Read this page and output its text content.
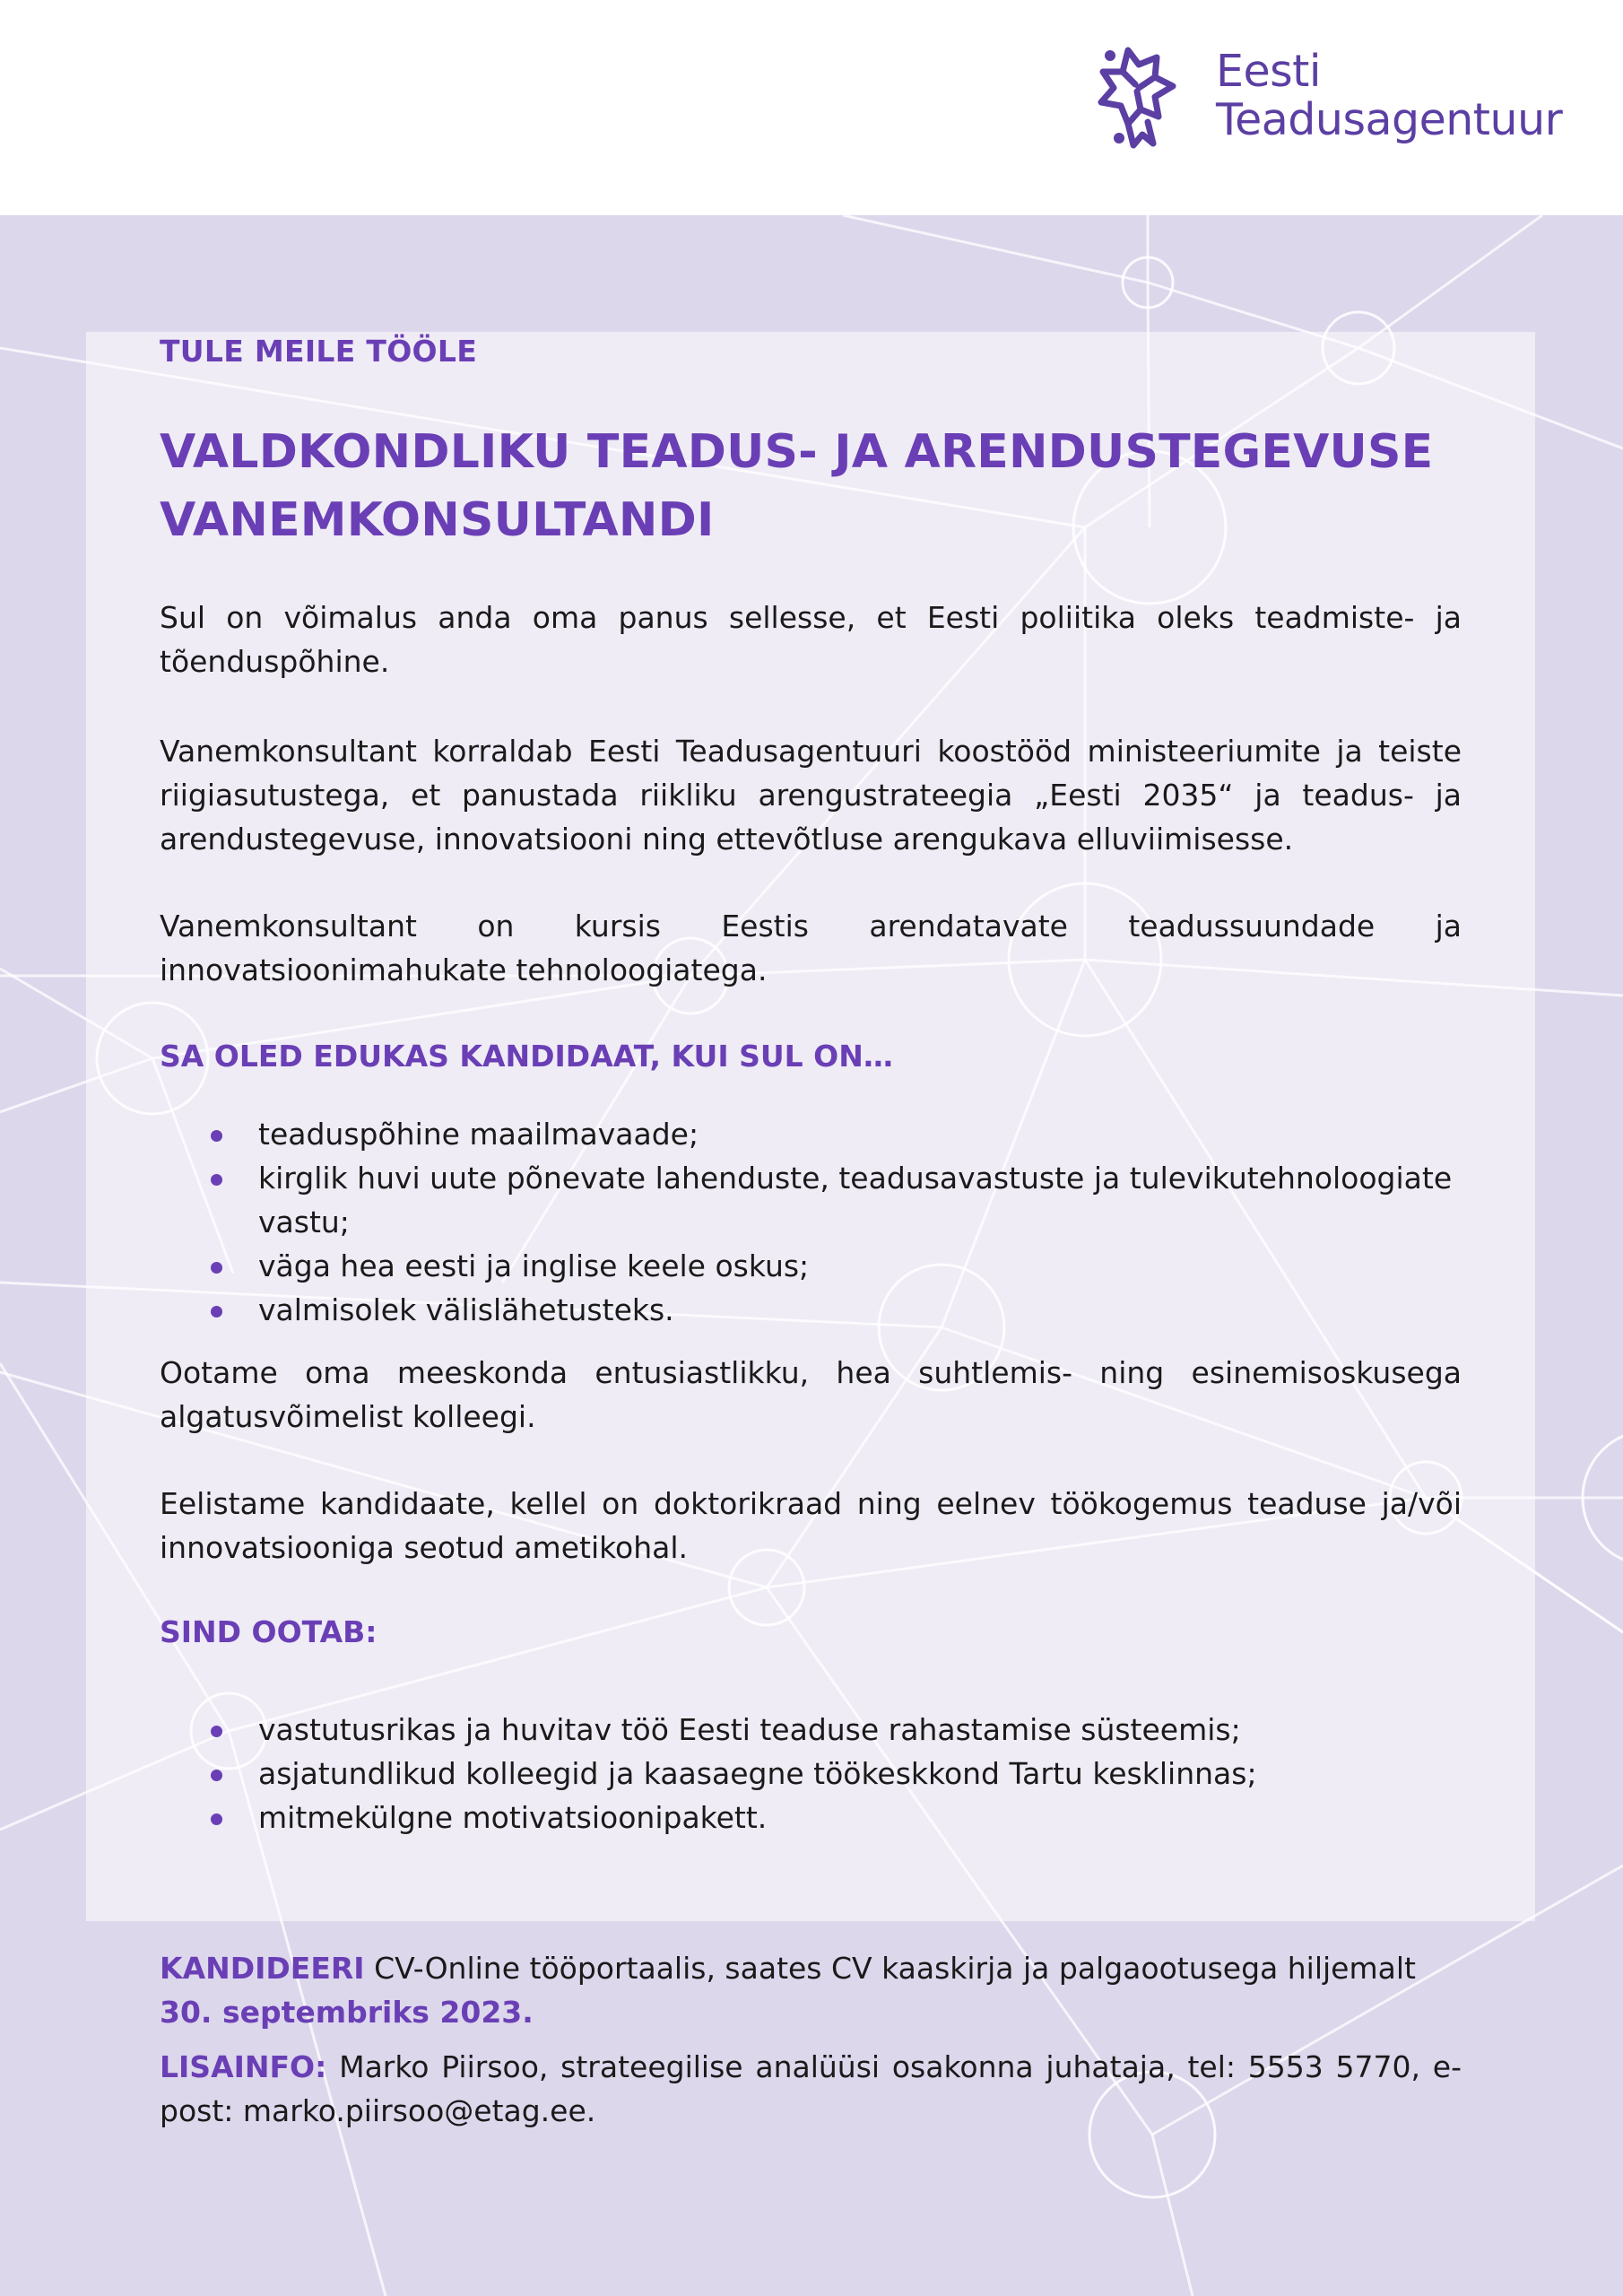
Eesti
Teadusagentuur
TULE MEILE TÖÖLE
VALDKONDLIKU TEADUS- JA ARENDUSTEGEVUSE
VANEMKONSULTANDI
Sul on võimalus anda oma panus sellesse, et Eesti poliitika oleks teadmiste- ja tõenduspõhine.
Vanemkonsultant korraldab Eesti Teadusagentuuri koostööd ministeeriumite ja teiste riigiasutustega, et panustada riikliku arengustrateegia „Eesti 2035“ ja teadus- ja arendustegevuse, innovatsiooni ning ettevõtluse arengukava elluviimisesse.
Vanemkonsultant on kursis Eestis arendatavate teadussuundade ja innovatsioonimahukate tehnoloogiatega.
SA OLED EDUKAS KANDIDAAT, KUI SUL ON…
teaduspõhine maailmavaade;
kirglik huvi uute põnevate lahenduste, teadusavastuste ja tulevikutehnoloogiate vastu;
väga hea eesti ja inglise keele oskus;
valmisolek välislähetusteks.
Ootame oma meeskonda entusiastlikku, hea suhtlemis- ning esinemisoskusega algatusvõimelist kolleegi.
Eelistame kandidaate, kellel on doktorikraad ning eelnev töökogemus teaduse ja/või innovatsiooniga seotud ametikohal.
SIND OOTAB:
vastutusrikas ja huvitav töö Eesti teaduse rahastamise süsteemis;
asjatundlikud kolleegid ja kaasaegne töökeskkond Tartu kesklinnas;
mitmekülgne motivatsioonipakett.
KANDIDEERI CV-Online tööportaalis, saates CV kaaskirja ja palgaootusega hiljemalt 30. septembriks 2023.
LISAINFO: Marko Piirsoo, strateegilise analüüsi osakonna juhataja, tel: 5553 5770, e-post: marko.piirsoo@etag.ee.
